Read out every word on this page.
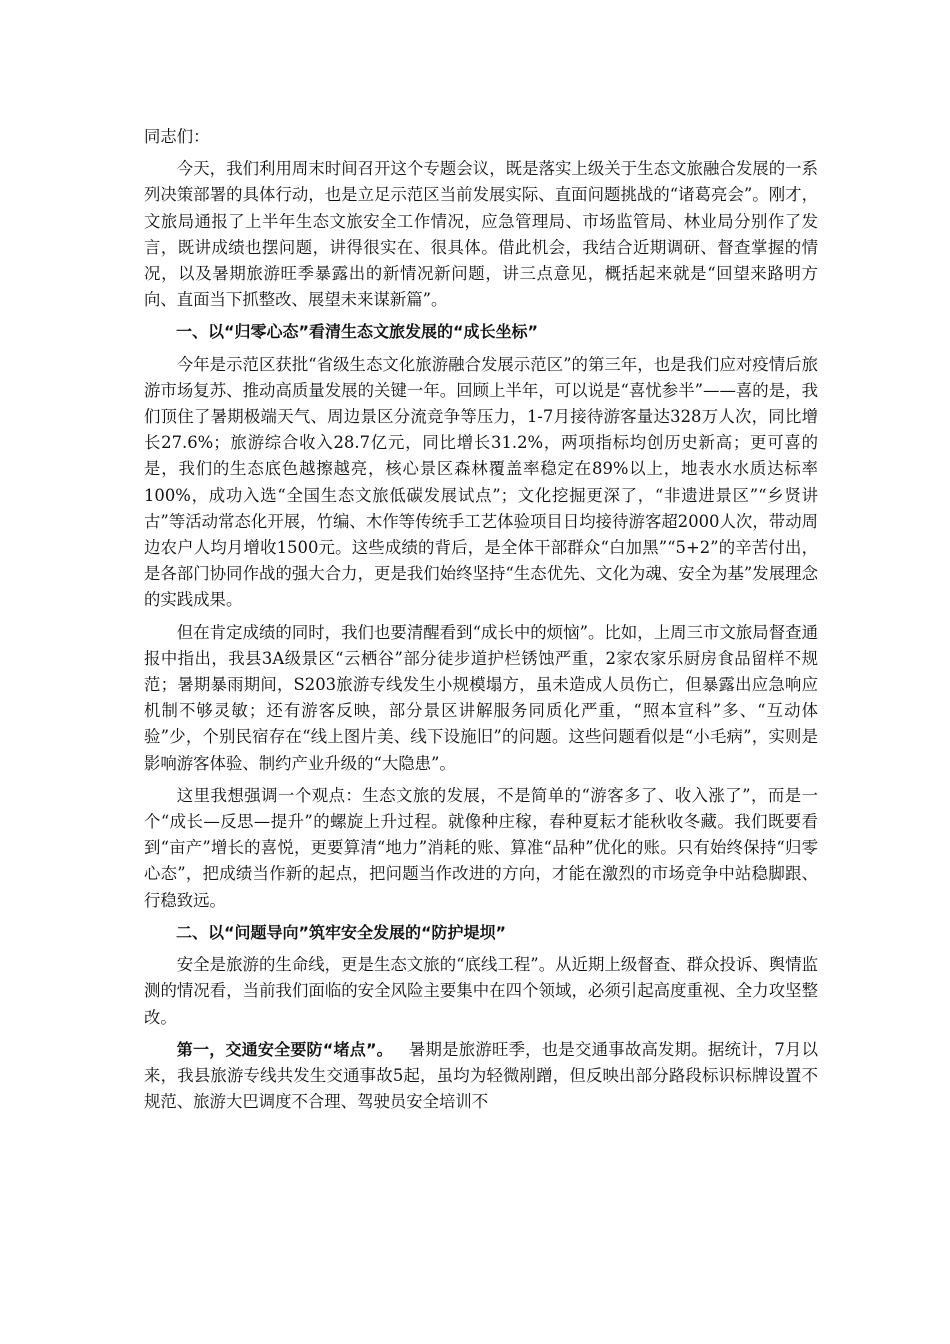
同志们：

今天，我们利用周末时间召开这个专题会议，既是落实上级关于生态文旅融合发展的一系列决策部署的具体行动，也是立足示范区当前发展实际、直面问题挑战的“诸葛亮会”。刚才，文旅局通报了上半年生态文旅安全工作情况，应急管理局、市场监管局、林业局分别作了发言，既讲成绩也摆问题，讲得很实在、很具体。借此机会，我结合近期调研、督查掌握的情况，以及暑期旅游旺季暴露出的新情况新问题，讲三点意见，概括起来就是“回望来路明方向、直面当下抓整改、展望未来谋新篇”。

一、以“归零心态”看清生态文旅发展的“成长坐标”

今年是示范区获批“省级生态文化旅游融合发展示范区”的第三年，也是我们应对疫情后旅游市场复苏、推动高质量发展的关键一年。回顾上半年，可以说是“喜忧参半”——喜的是，我们顶住了暑期极端天气、周边景区分流竞争等压力，1-7月接待游客量达328万人次，同比增长27.6%；旅游综合收入28.7亿元，同比增长31.2%，两项指标均创历史新高；更可喜的是，我们的生态底色越擦越亮，核心景区森林覆盖率稳定在89%以上，地表水水质达标率100%，成功入选“全国生态文旅低碳发展试点”；文化挖掘更深了，“非遗进景区”“乡贤讲古”等活动常态化开展，竹编、木作等传统手工艺体验项目日均接待游客超2000人次，带动周边农户人均月增收1500元。这些成绩的背后，是全体干部群众“白加黑”“5+2”的辛苦付出，是各部门协同作战的强大合力，更是我们始终坚持“生态优先、文化为魂、安全为基”发展理念的实践成果。

但在肯定成绩的同时，我们也要清醒看到“成长中的烦恼”。比如，上周三市文旅局督查通报中指出，我县3A级景区“云栖谷”部分徒步道护栏锈蚀严重，2家农家乐厨房食品留样不规范；暑期暴雨期间，S203旅游专线发生小规模塌方，虽未造成人员伤亡，但暴露出应急响应机制不够灵敏；还有游客反映，部分景区讲解服务同质化严重，“照本宣科”多、“互动体验”少，个别民宿存在“线上图片美、线下设施旧”的问题。这些问题看似是“小毛病”，实则是影响游客体验、制约产业升级的“大隐患”。

这里我想强调一个观点：生态文旅的发展，不是简单的“游客多了、收入涨了”，而是一个“成长—反思—提升”的螺旋上升过程。就像种庄稼，春种夏耘才能秋收冬藏。我们既要看到“亩产”增长的喜悦，更要算清“地力”消耗的账、算准“品种”优化的账。只有始终保持“归零心态”，把成绩当作新的起点，把问题当作改进的方向，才能在激烈的市场竞争中站稳脚跟、行稳致远。

二、以“问题导向”筑牢安全发展的“防护堤坝”

安全是旅游的生命线，更是生态文旅的“底线工程”。从近期上级督查、群众投诉、舆情监测的情况看，当前我们面临的安全风险主要集中在四个领域，必须引起高度重视、全力攻坚整改。

第一，交通安全要防“堵点”。 暑期是旅游旺季，也是交通事故高发期。据统计，7月以来，我县旅游专线共发生交通事故5起，虽均为轻微剐蹭，但反映出部分路段标识标牌设置不规范、旅游大巴调度不合理、驾驶员安全培训不
